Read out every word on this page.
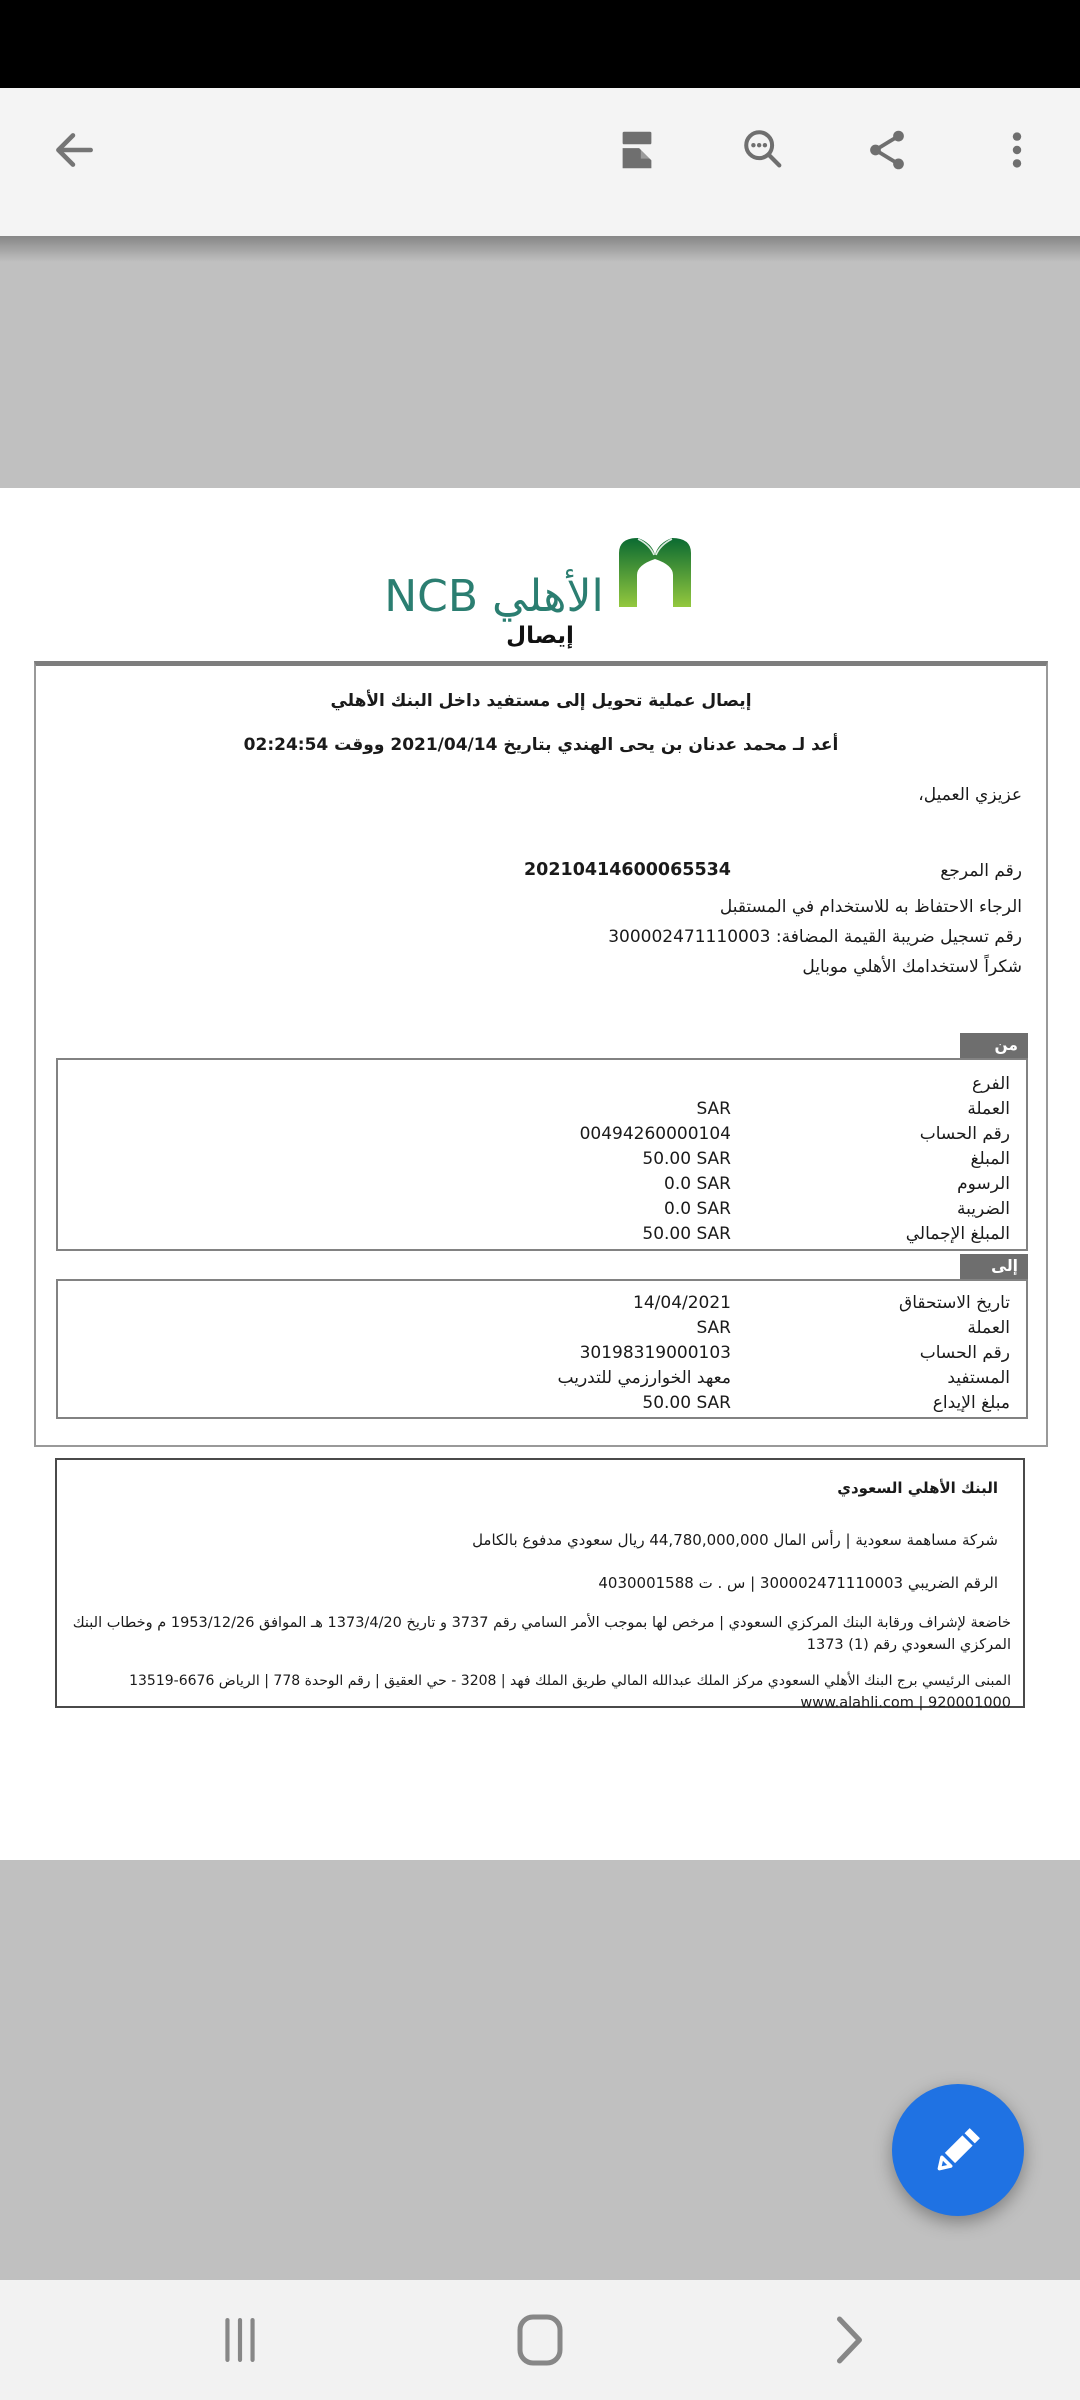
الأهلي NCB
إيصال
إيصال عملية تحويل إلى مستفيد داخل البنك الأهلي
أعد لـ محمد عدنان بن يحى الهندي بتاريخ 2021/04/14 ووقت 02:24:54
عزيزي العميل،
رقم المرجع
20210414600065534
الرجاء الاحتفاظ به للاستخدام في المستقبل
رقم تسجيل ضريبة القيمة المضافة: 300002471110003
شكراً لاستخدامك الأهلي موبايل
من
الفرع
العملة
SAR
رقم الحساب
00494260000104
المبلغ
50.00 SAR
الرسوم
0.0 SAR
الضريبة
0.0 SAR
المبلغ الإجمالي
50.00 SAR
إلى
تاريخ الاستحقاق
14/04/2021
العملة
SAR
رقم الحساب
30198319000103
المستفيد
معهد الخوارزمي للتدريب
مبلغ الإيداع
50.00 SAR
البنك الأهلي السعودي
شركة مساهمة سعودية | رأس المال 44,780,000,000 ريال سعودي مدفوع بالكامل
الرقم الضريبي 300002471110003 | س . ت 4030001588
خاضعة لإشراف ورقابة البنك المركزي السعودي | مرخص لها بموجب الأمر السامي رقم 3737 و تاريخ 1373/4/20 هـ الموافق 1953/12/26 م وخطاب البنك المركزي السعودي رقم (1) 1373
المبنى الرئيسي برج البنك الأهلي السعودي مركز الملك عبدالله المالي طريق الملك فهد | 3208 - حي العقيق | رقم الوحدة 778 | الرياض 6676-13519
920001000 | www.alahli.com
